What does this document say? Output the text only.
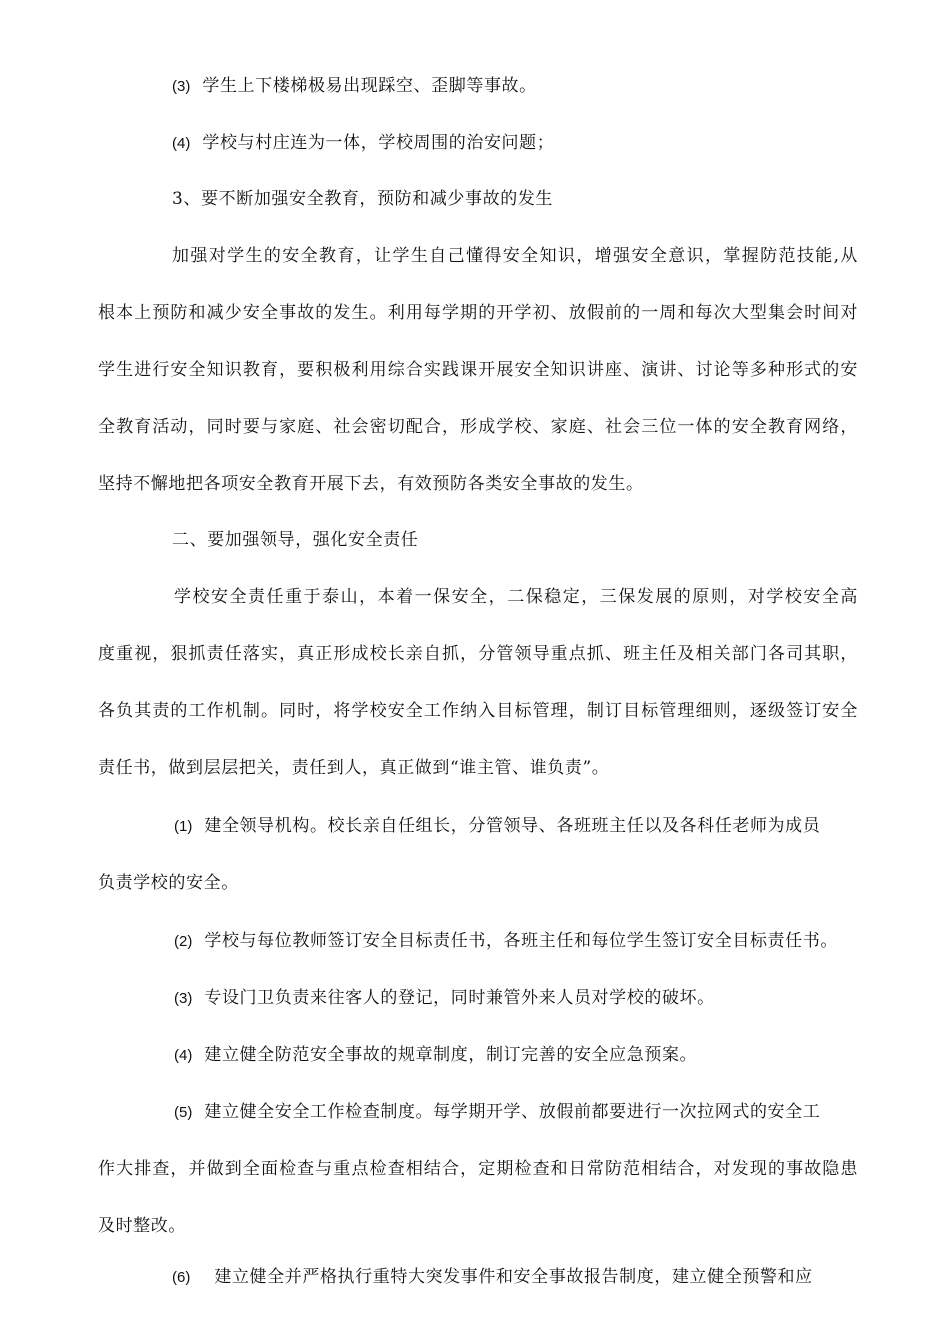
(3) 学生上下楼梯极易出现踩空、歪脚等事故。
(4) 学校与村庄连为一体，学校周围的治安问题；
3、要不断加强安全教育，预防和减少事故的发生
加强对学生的安全教育，让学生自己懂得安全知识，增强安全意识，掌握防范技能,从
根本上预防和减少安全事故的发生。利用每学期的开学初、放假前的一周和每次大型集会时间对
学生进行安全知识教育，要积极利用综合实践课开展安全知识讲座、演讲、讨论等多种形式的安
全教育活动，同时要与家庭、社会密切配合，形成学校、家庭、社会三位一体的安全教育网络，
坚持不懈地把各项安全教育开展下去，有效预防各类安全事故的发生。
二、要加强领导，强化安全责任
学校安全责任重于泰山，本着一保安全，二保稳定，三保发展的原则，对学校安全高
度重视，狠抓责任落实，真正形成校长亲自抓，分管领导重点抓、班主任及相关部门各司其职，
各负其责的工作机制。同时，将学校安全工作纳入目标管理，制订目标管理细则，逐级签订安全
责任书，做到层层把关，责任到人，真正做到“谁主管、谁负责”。
(1) 建全领导机构。校长亲自任组长，分管领导、各班班主任以及各科任老师为成员
负责学校的安全。
(2) 学校与每位教师签订安全目标责任书，各班主任和每位学生签订安全目标责任书。
(3) 专设门卫负责来往客人的登记，同时兼管外来人员对学校的破坏。
(4) 建立健全防范安全事故的规章制度，制订完善的安全应急预案。
(5) 建立健全安全工作检查制度。每学期开学、放假前都要进行一次拉网式的安全工
作大排查，并做到全面检查与重点检查相结合，定期检查和日常防范相结合，对发现的事故隐患
及时整改。
(6) 建立健全并严格执行重特大突发事件和安全事故报告制度，建立健全预警和应
